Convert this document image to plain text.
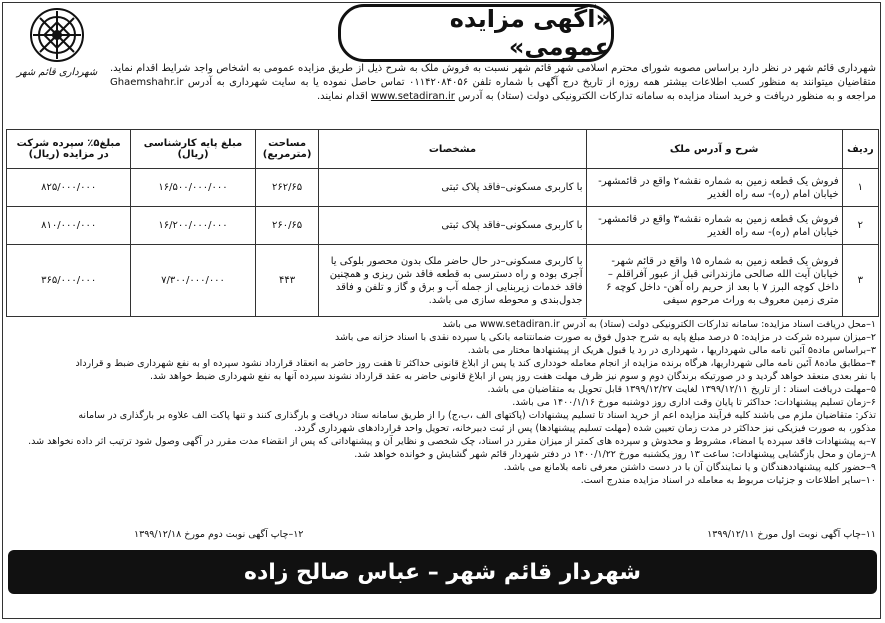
شهرداری قائم شهر
«آگهی مزایده عمومی»
شهرداری قائم شهر در نظر دارد براساس مصوبه شورای محترم اسلامی شهر قائم شهر نسبت به فروش ملک به شرح ذیل از طریق مزایده عمومی به اشخاص واجد شرایط اقدام نماید. متقاضیان میتوانند به منظور کسب اطلاعات بیشتر همه روزه از تاریخ درج آگهی با شماره تلفن ۰۱۱۴۲۰۸۴۰۵۶ تماس حاصل نموده یا به سایت شهرداری به آدرس Ghaemshahr.ir مراجعه و به منظور دریافت و خرید اسناد مزایده به سامانه تدارکات الکترونیکی دولت (ستاد) به آدرس www.setadiran.ir اقدام نمایند.
ردیف	شرح و آدرس ملک	مشخصات	مساحت (مترمربع)	مبلغ پایه کارشناسی (ریال)	مبلغ۵٪ سپرده شرکت در مزایده (ریال)
۱	فروش یک قطعه زمین به شماره نقشه۲ واقع در قائمشهر- خیابان امام (ره)- سه راه الغدیر	با کاربری مسکونی–فاقد پلاک ثبتی	۲۶۲/۶۵	۱۶/۵۰۰/۰۰۰/۰۰۰	۸۲۵/۰۰۰/۰۰۰
۲	فروش یک قطعه زمین به شماره نقشه۳ واقع در قائمشهر- خیابان امام (ره)- سه راه الغدیر	با کاربری مسکونی–فاقد پلاک ثبتی	۲۶۰/۶۵	۱۶/۲۰۰/۰۰۰/۰۰۰	۸۱۰/۰۰۰/۰۰۰
۳	فروش یک قطعه زمین به شماره ۱۵ واقع در قائم شهر- خیابان آیت الله صالحی مازندرانی قبل از عبور آفراقلم – داخل کوچه البرز ۷ با بعد از حریم راه آهن- داخل کوچه ۶ متری زمین معروف به وراث مرحوم سیفی	با کاربری مسکونی–در حال حاضر ملک بدون محصور بلوکی یا آجری بوده و راه دسترسی به قطعه فاقد شن ریزی و همچنین فاقد خدمات زیربنایی از جمله آب و برق و گاز و تلفن و فاقد جدول‌بندی و محوطه سازی می باشد.	۴۴۳	۷/۳۰۰/۰۰۰/۰۰۰	۳۶۵/۰۰۰/۰۰۰
۱–محل دریافت اسناد مزایده: سامانه تدارکات الکترونیکی دولت (ستاد) به آدرس www.setadiran.ir می باشد
۲–میزان سپرده شرکت در مزایده: ۵ درصد مبلغ پایه به شرح جدول فوق به صورت ضمانتنامه بانکی یا سپرده نقدی با اسناد خزانه می باشد
۳–براساس ماده۵ آئین نامه مالی شهرداریها ، شهرداری در رد یا قبول هریک از پیشنهادها مختار می باشد.
۴–مطابق ماده۸ آئین نامه مالی شهرداریها، هرگاه برنده مزایده از انجام معامله خودداری کند یا پس از ابلاغ قانونی حداکثر تا هفت روز حاضر به انعقاد قرارداد نشود سپرده او به نفع شهرداری ضبط و قرارداد
با نفر بعدی منعقد خواهد گردید و در صورتیکه برندگان دوم و سوم نیز ظرف مهلت هفت روز پس از ابلاغ قانونی حاضر به عقد قرارداد نشوند سپرده آنها به نفع شهرداری ضبط خواهد شد.
۵–مهلت دریافت اسناد : از تاریخ ۱۳۹۹/۱۲/۱۱ لغایت ۱۳۹۹/۱۲/۲۷ قابل تحویل به متقاضیان می باشد.
۶–زمان تسلیم پیشنهادات: حداکثر تا پایان وقت اداری روز دوشنبه مورخ ۱۴۰۰/۱/۱۶ می باشد.
تذکر: متقاضیان ملزم می باشند کلیه فرآیند مزایده اعم از خرید اسناد تا تسلیم پیشنهادات (پاکتهای الف ،ب،ج) را از طریق سامانه ستاد دریافت و بارگذاری کنند و تنها پاکت الف علاوه بر بارگذاری در سامانه
مذکور، به صورت فیزیکی نیز حداکثر در مدت زمان تعیین شده (مهلت تسلیم پیشنهادها) پس از ثبت دبیرخانه، تحویل واحد قراردادهای شهرداری گردد.
۷–به پیشنهادات فاقد سپرده یا امضاء، مشروط و مخدوش و سپرده های کمتر از میزان مقرر در اسناد، چک شخصی و نظایر آن و پیشنهاداتی که پس از انقضاء مدت مقرر در آگهی وصول شود ترتیب اثر داده نخواهد شد.
۸–زمان و محل بازگشایی پیشنهادات: ساعت ۱۳ روز یکشنبه مورخ ۱۴۰۰/۱/۲۲ در دفتر شهردار قائم شهر گشایش و خوانده خواهد شد.
۹–حضور کلیه پیشنهاددهندگان و یا نمایندگان آن با در دست داشتن معرفی نامه بلامانع می باشد.
۱۰–سایر اطلاعات و جزئیات مربوط به معامله در اسناد مزایده مندرج است.
۱۱–چاپ آگهی نوبت اول مورخ ۱۳۹۹/۱۲/۱۱
۱۲–چاپ آگهی نوبت دوم مورخ ۱۳۹۹/۱۲/۱۸
شهردار قائم شهر – عباس صالح زاده
